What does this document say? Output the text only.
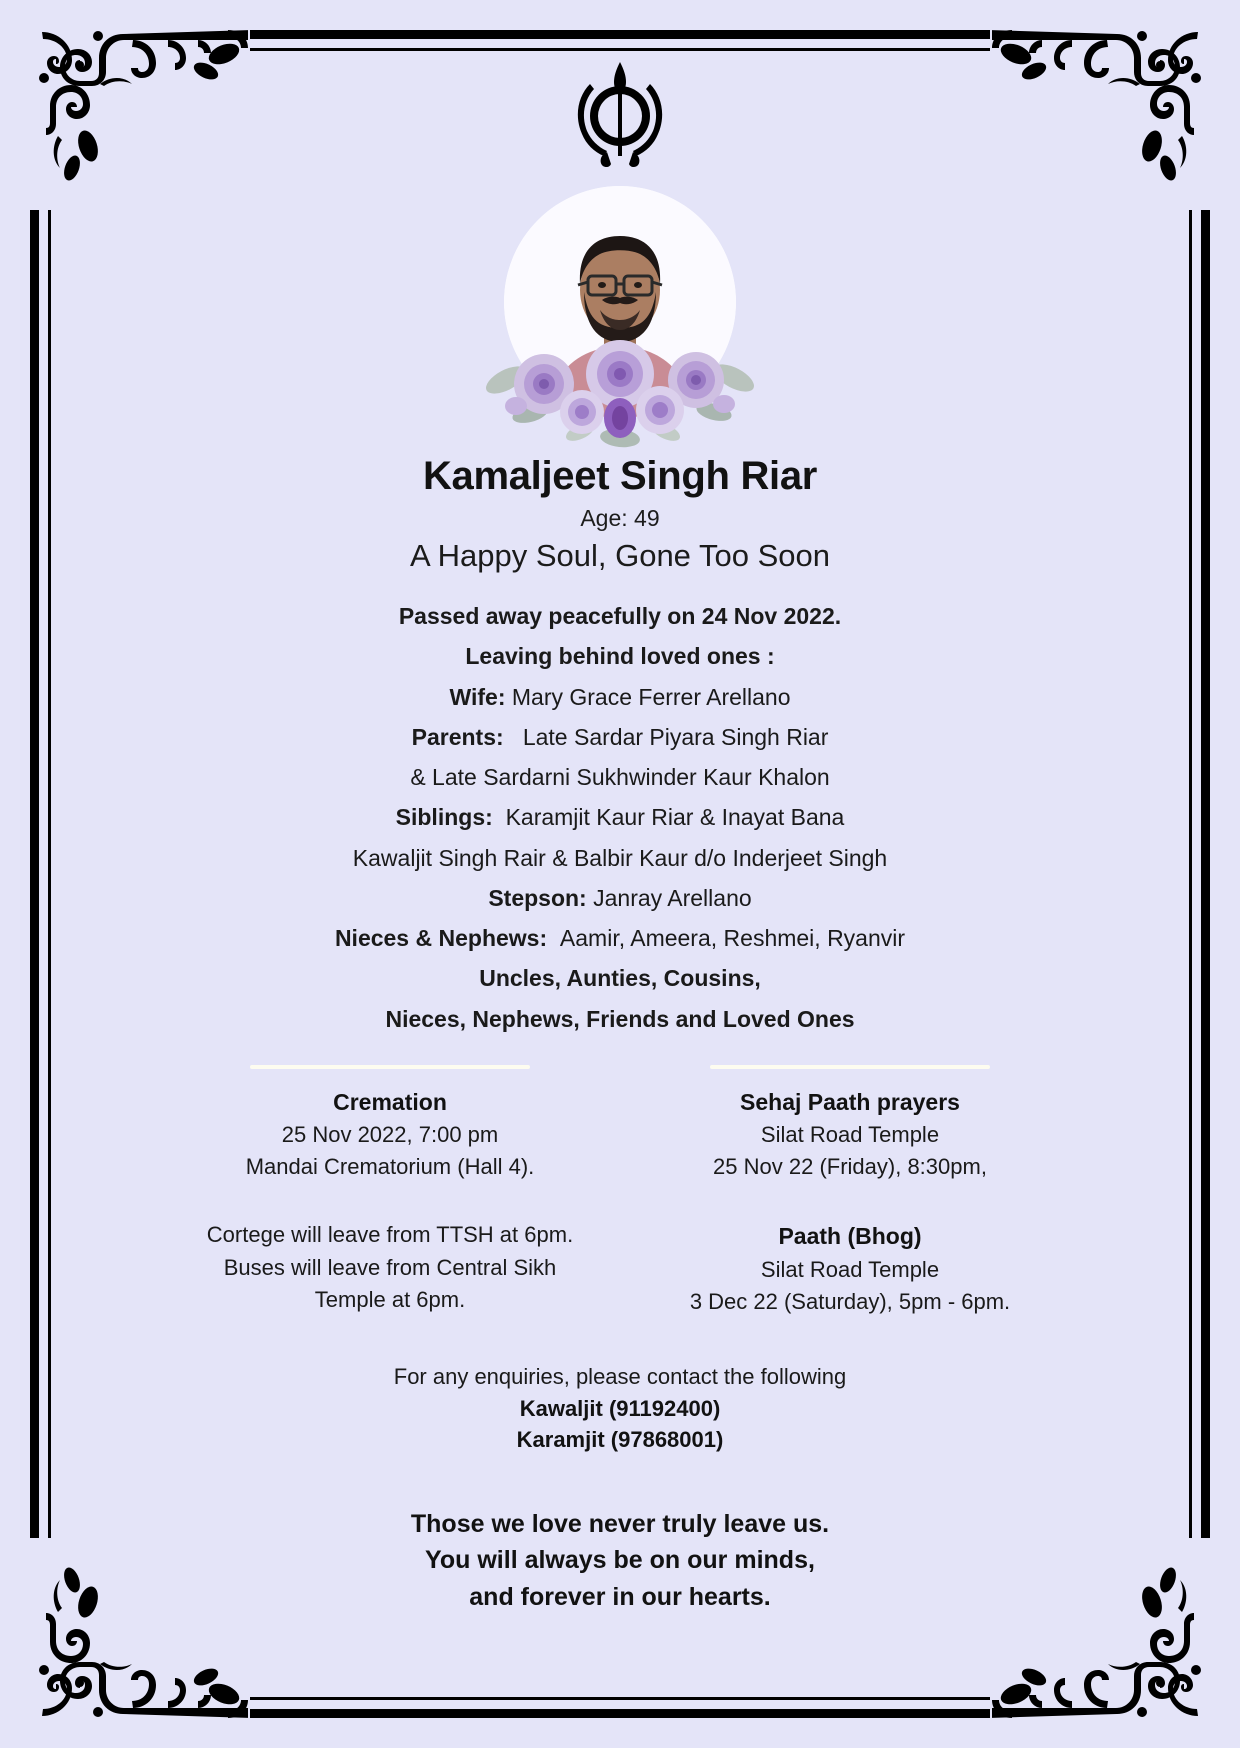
Kamaljeet Singh Riar
Age: 49
A Happy Soul, Gone Too Soon
Passed away peacefully on 24 Nov 2022.
Leaving behind loved ones :
Wife: Mary Grace Ferrer Arellano
Parents: Late Sardar Piyara Singh Riar
& Late Sardarni Sukhwinder Kaur Khalon
Siblings: Karamjit Kaur Riar & Inayat Bana
Kawaljit Singh Rair & Balbir Kaur d/o Inderjeet Singh
Stepson: Janray Arellano
Nieces & Nephews: Aamir, Ameera, Reshmei, Ryanvir
Uncles, Aunties, Cousins,
Nieces, Nephews, Friends and Loved Ones
Cremation
25 Nov 2022, 7:00 pm
Mandai Crematorium (Hall 4).
Cortege will leave from TTSH at 6pm.
Buses will leave from Central Sikh
Temple at 6pm.
Sehaj Paath prayers
Silat Road Temple
25 Nov 22 (Friday), 8:30pm,
Paath (Bhog)
Silat Road Temple
3 Dec 22 (Saturday), 5pm - 6pm.
For any enquiries, please contact the following
Kawaljit (91192400)
Karamjit (97868001)
Those we love never truly leave us.
You will always be on our minds,
and forever in our hearts.
